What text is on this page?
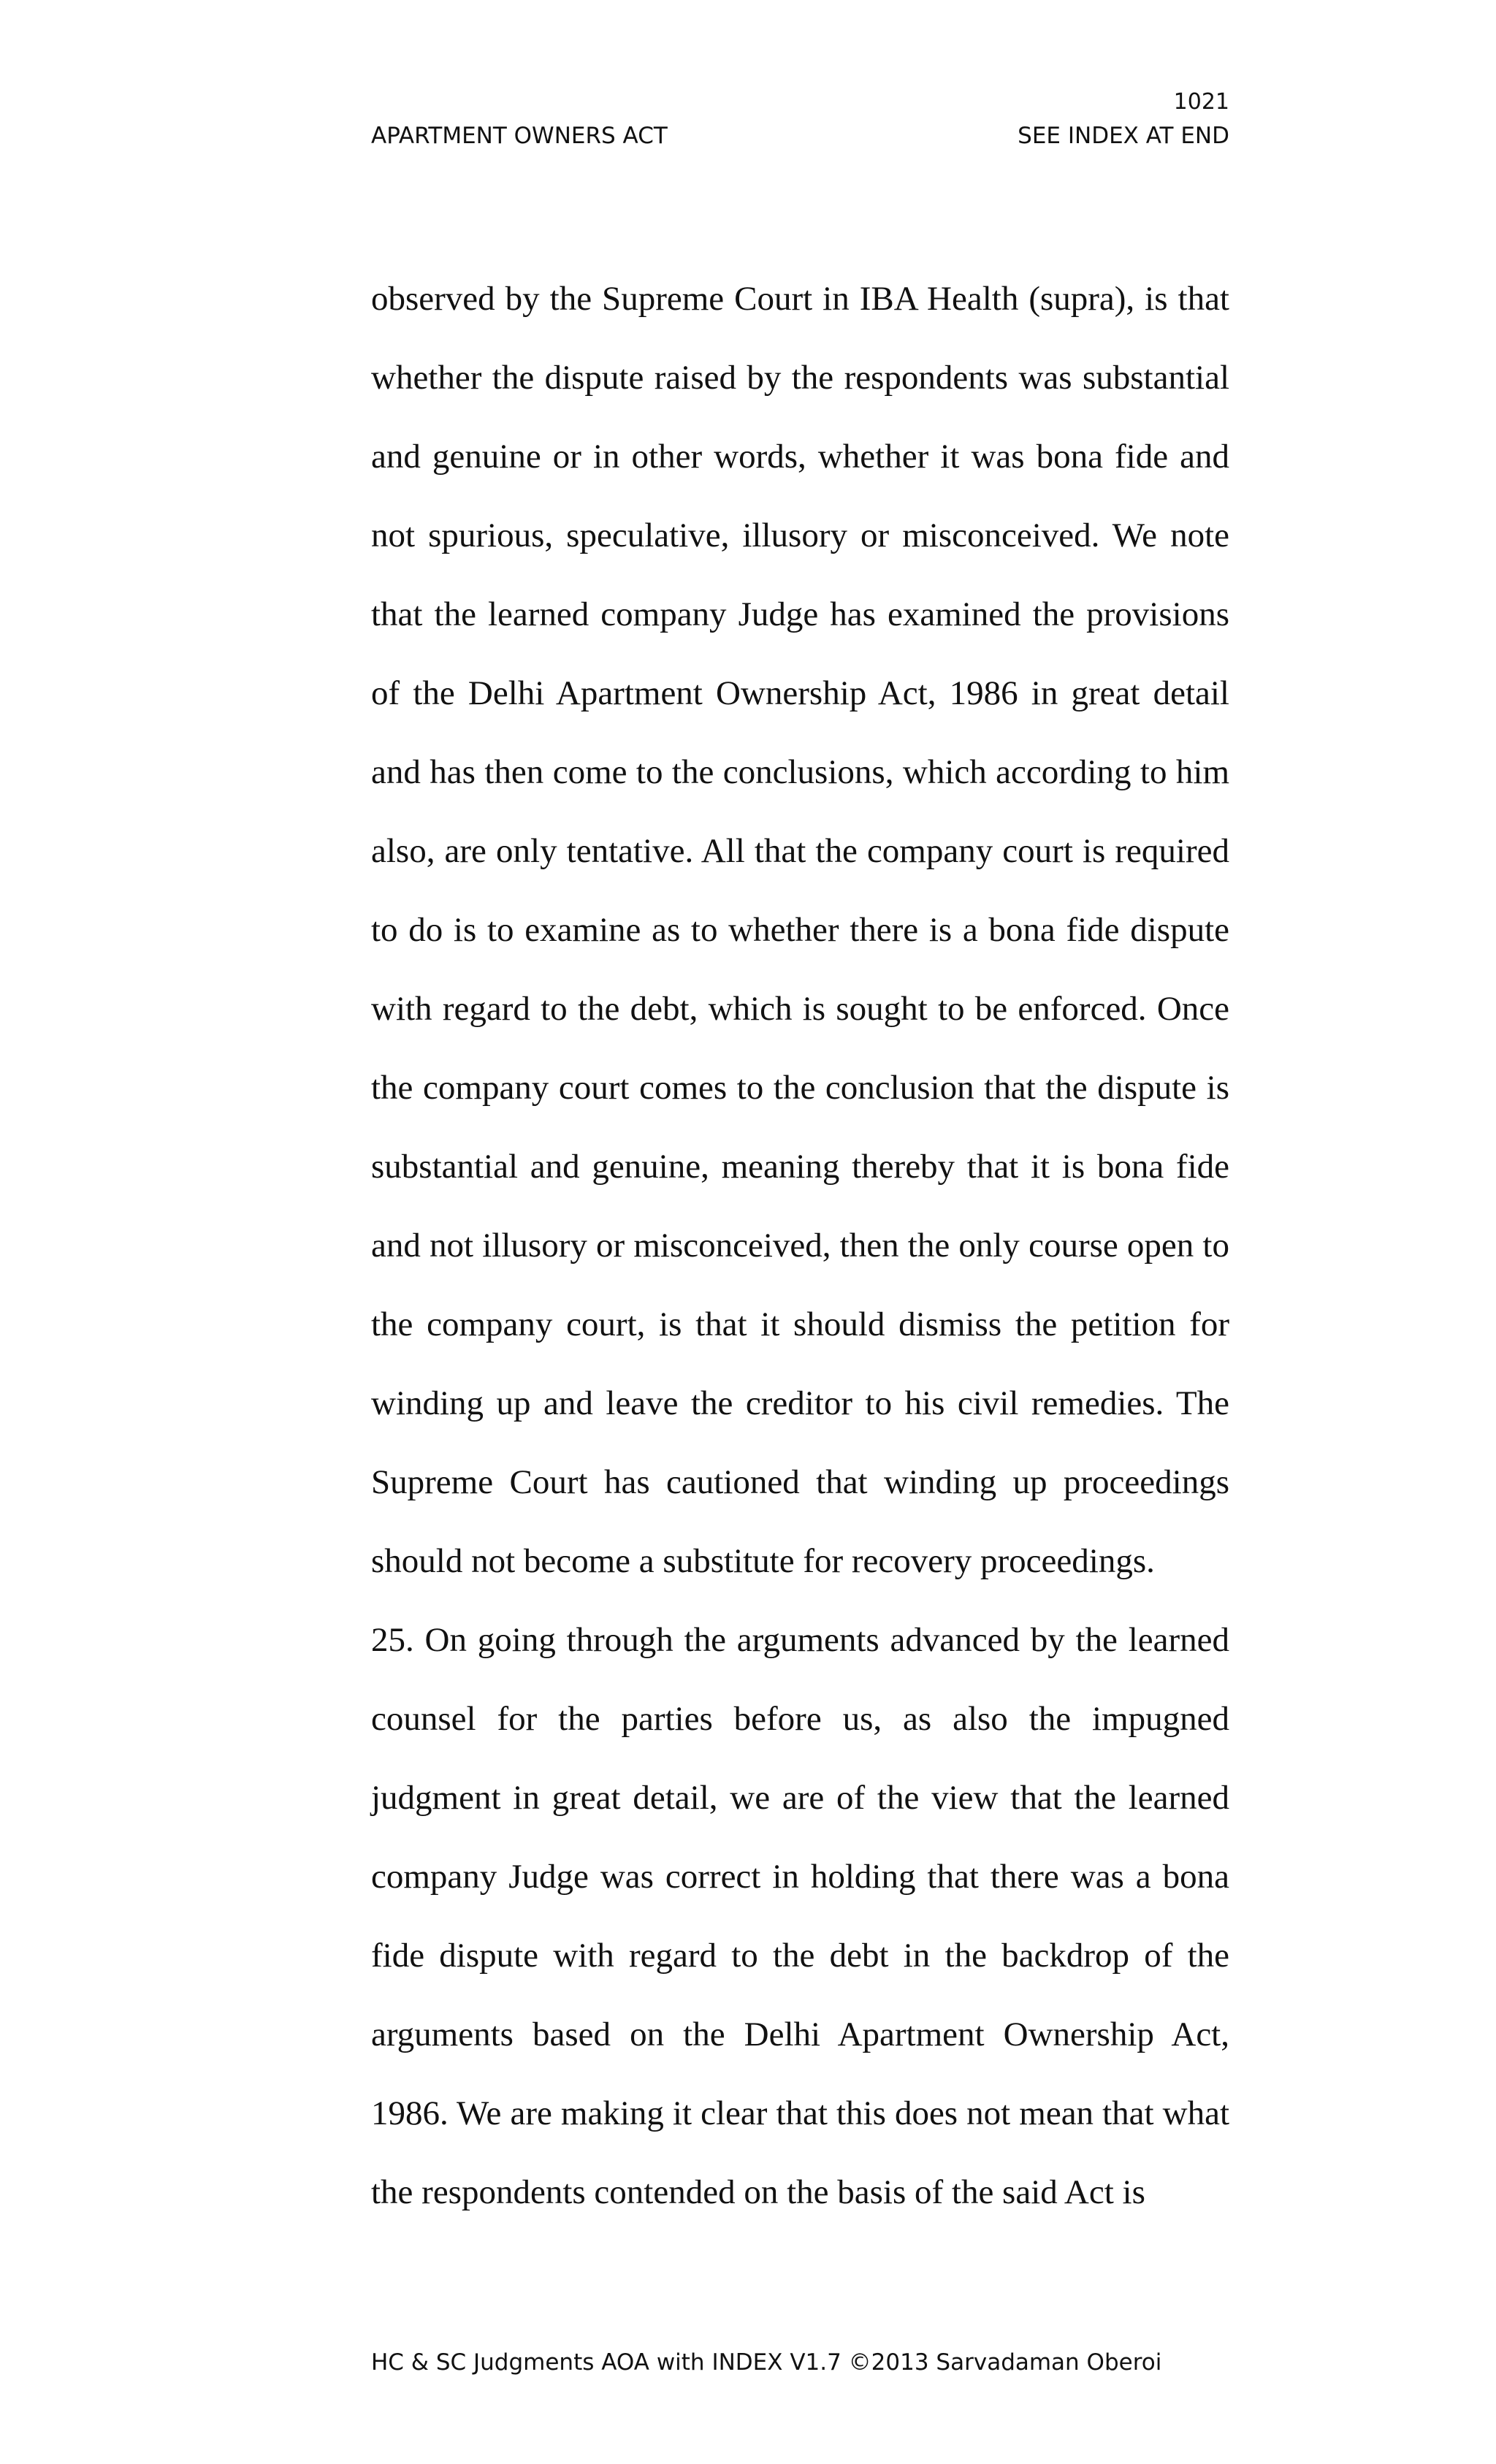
1021
APARTMENT OWNERS ACT	SEE INDEX AT END

observed by the Supreme Court in IBA Health (supra), is that whether the dispute raised by the respondents was substantial and genuine or in other words, whether it was bona fide and not spurious, speculative, illusory or misconceived. We note that the learned company Judge has examined the provisions of the Delhi Apartment Ownership Act, 1986 in great detail and has then come to the conclusions, which according to him also, are only tentative. All that the company court is required to do is to examine as to whether there is a bona fide dispute with regard to the debt, which is sought to be enforced. Once the company court comes to the conclusion that the dispute is substantial and genuine, meaning thereby that it is bona fide and not illusory or misconceived, then the only course open to the company court, is that it should dismiss the petition for winding up and leave the creditor to his civil remedies. The Supreme Court has cautioned that winding up proceedings should not become a substitute for recovery proceedings.

25. On going through the arguments advanced by the learned counsel for the parties before us, as also the impugned judgment in great detail, we are of the view that the learned company Judge was correct in holding that there was a bona fide dispute with regard to the debt in the backdrop of the arguments based on the Delhi Apartment Ownership Act, 1986. We are making it clear that this does not mean that what the respondents contended on the basis of the said Act is

HC & SC Judgments AOA with INDEX V1.7 ©2013 Sarvadaman Oberoi
